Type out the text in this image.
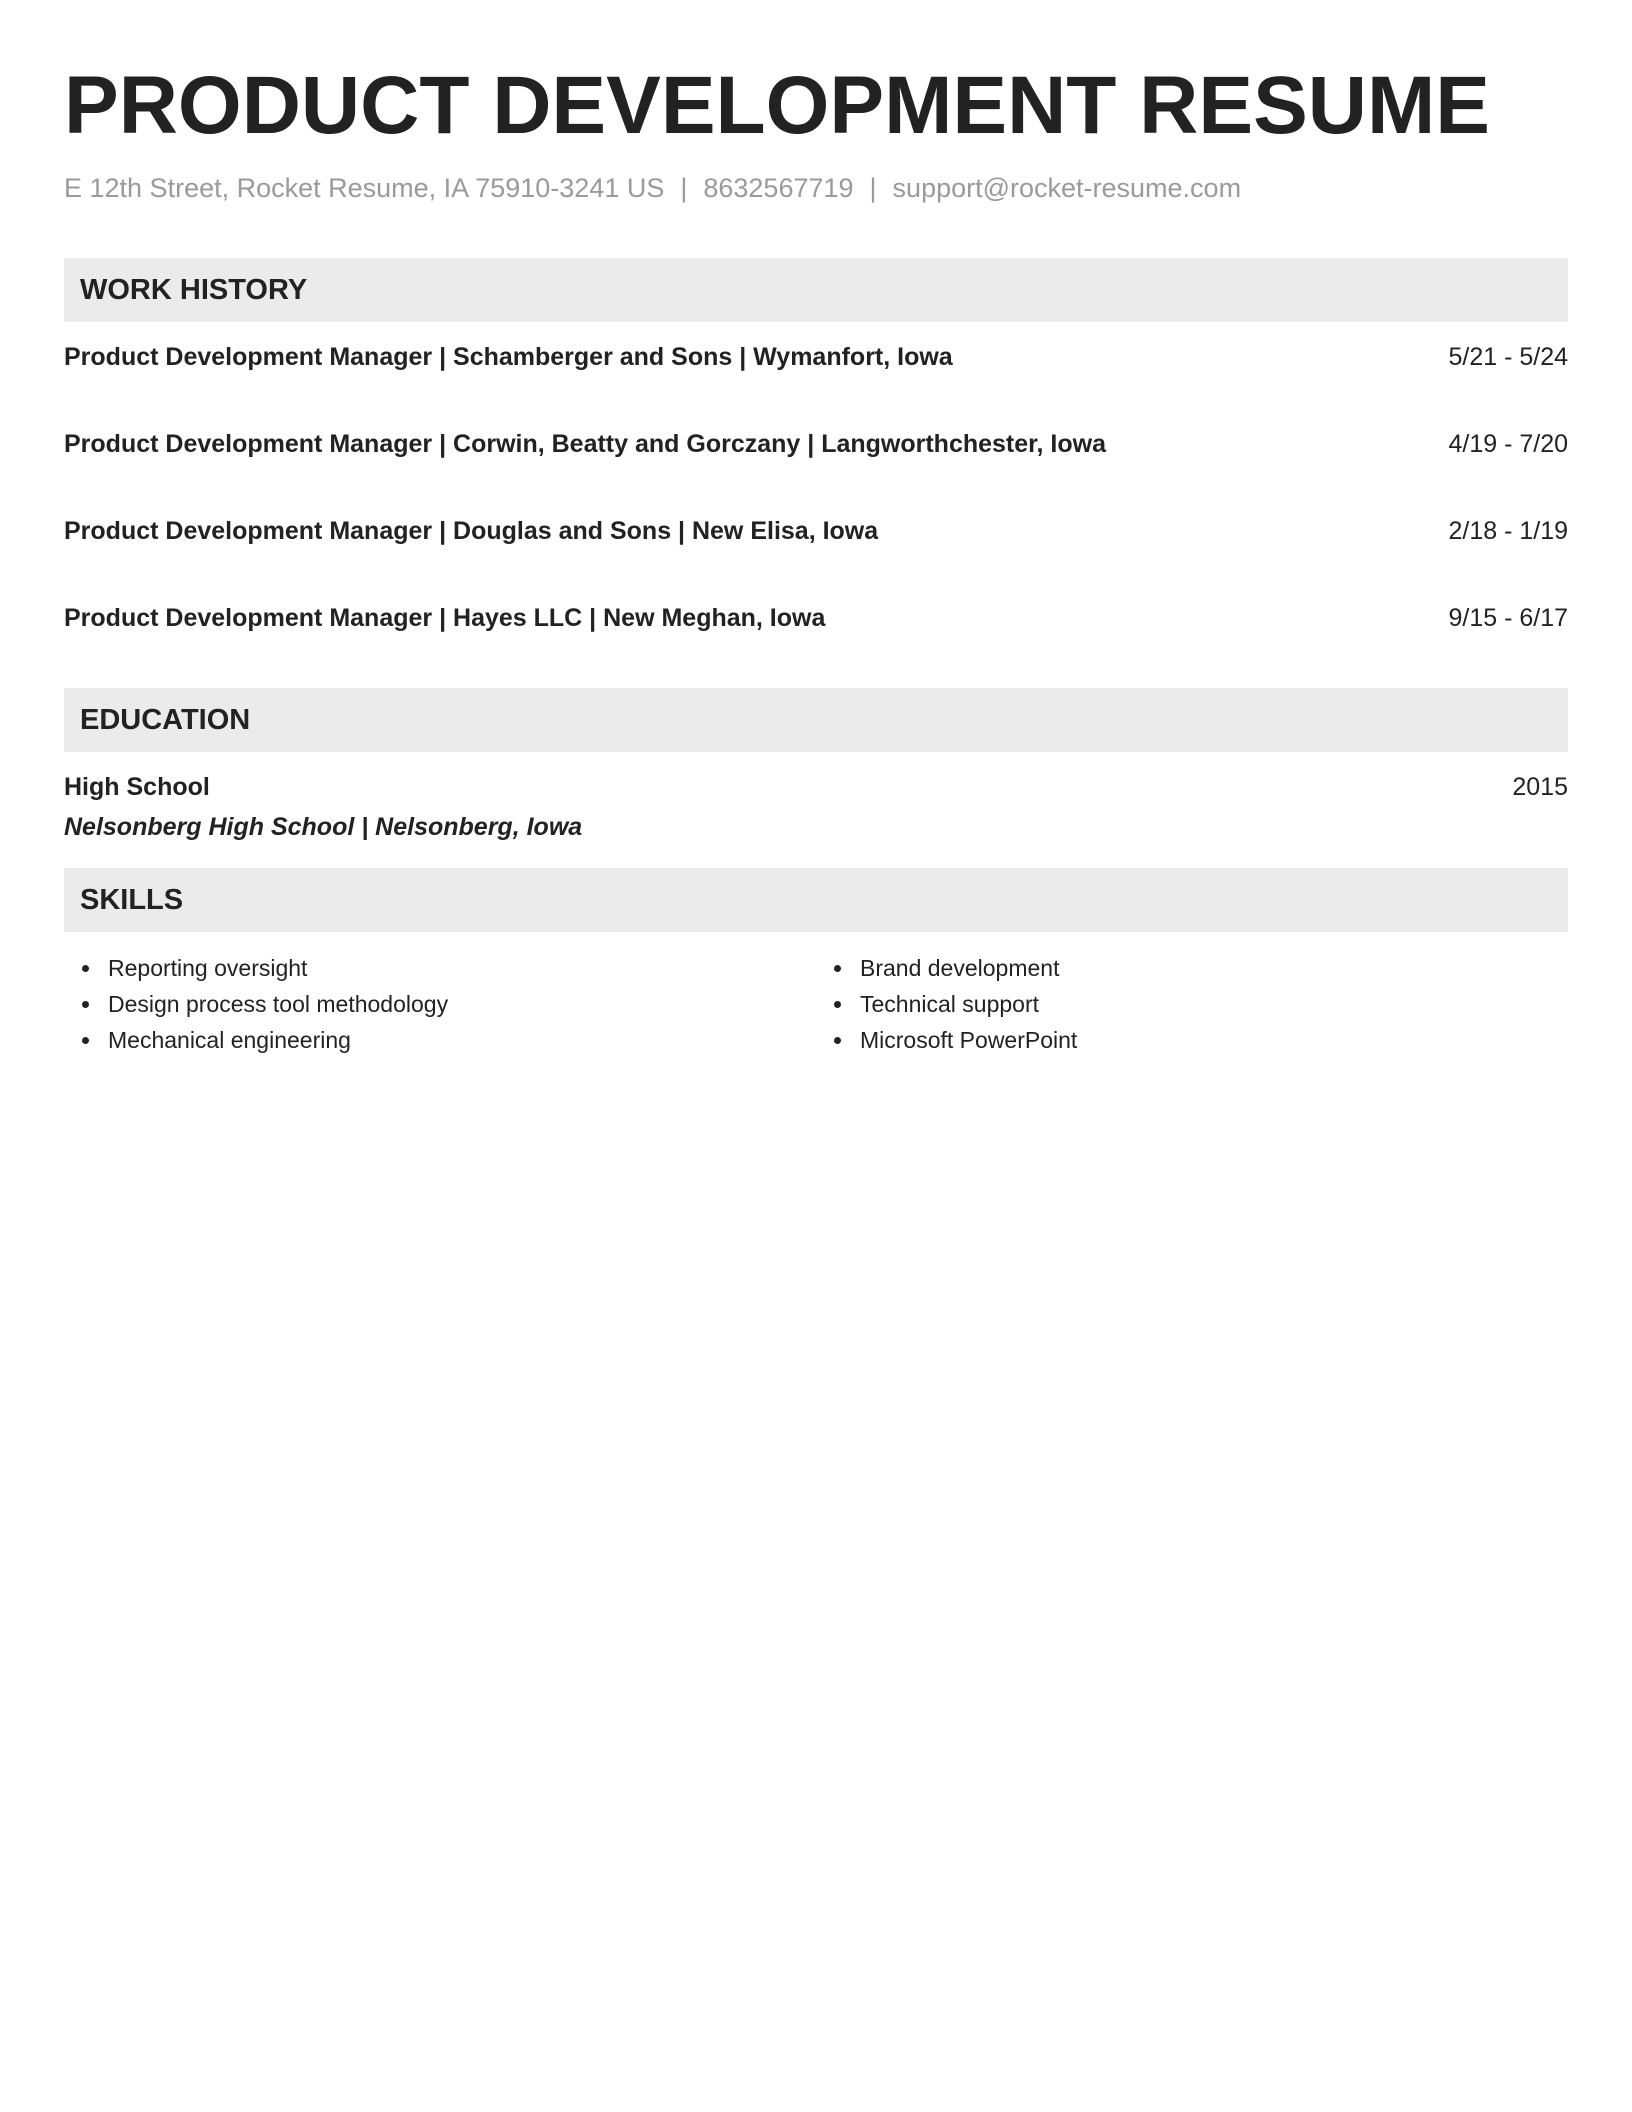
PRODUCT DEVELOPMENT RESUME
E 12th Street, Rocket Resume, IA 75910-3241 US | 8632567719 | support@rocket-resume.com
WORK HISTORY
Product Development Manager | Schamberger and Sons | Wymanfort, Iowa	5/21 - 5/24
Product Development Manager | Corwin, Beatty and Gorczany | Langworthchester, Iowa	4/19 - 7/20
Product Development Manager | Douglas and Sons | New Elisa, Iowa	2/18 - 1/19
Product Development Manager | Hayes LLC | New Meghan, Iowa	9/15 - 6/17
EDUCATION
High School	2015
Nelsonberg High School | Nelsonberg, Iowa
SKILLS
Reporting oversight
Design process tool methodology
Mechanical engineering
Brand development
Technical support
Microsoft PowerPoint
